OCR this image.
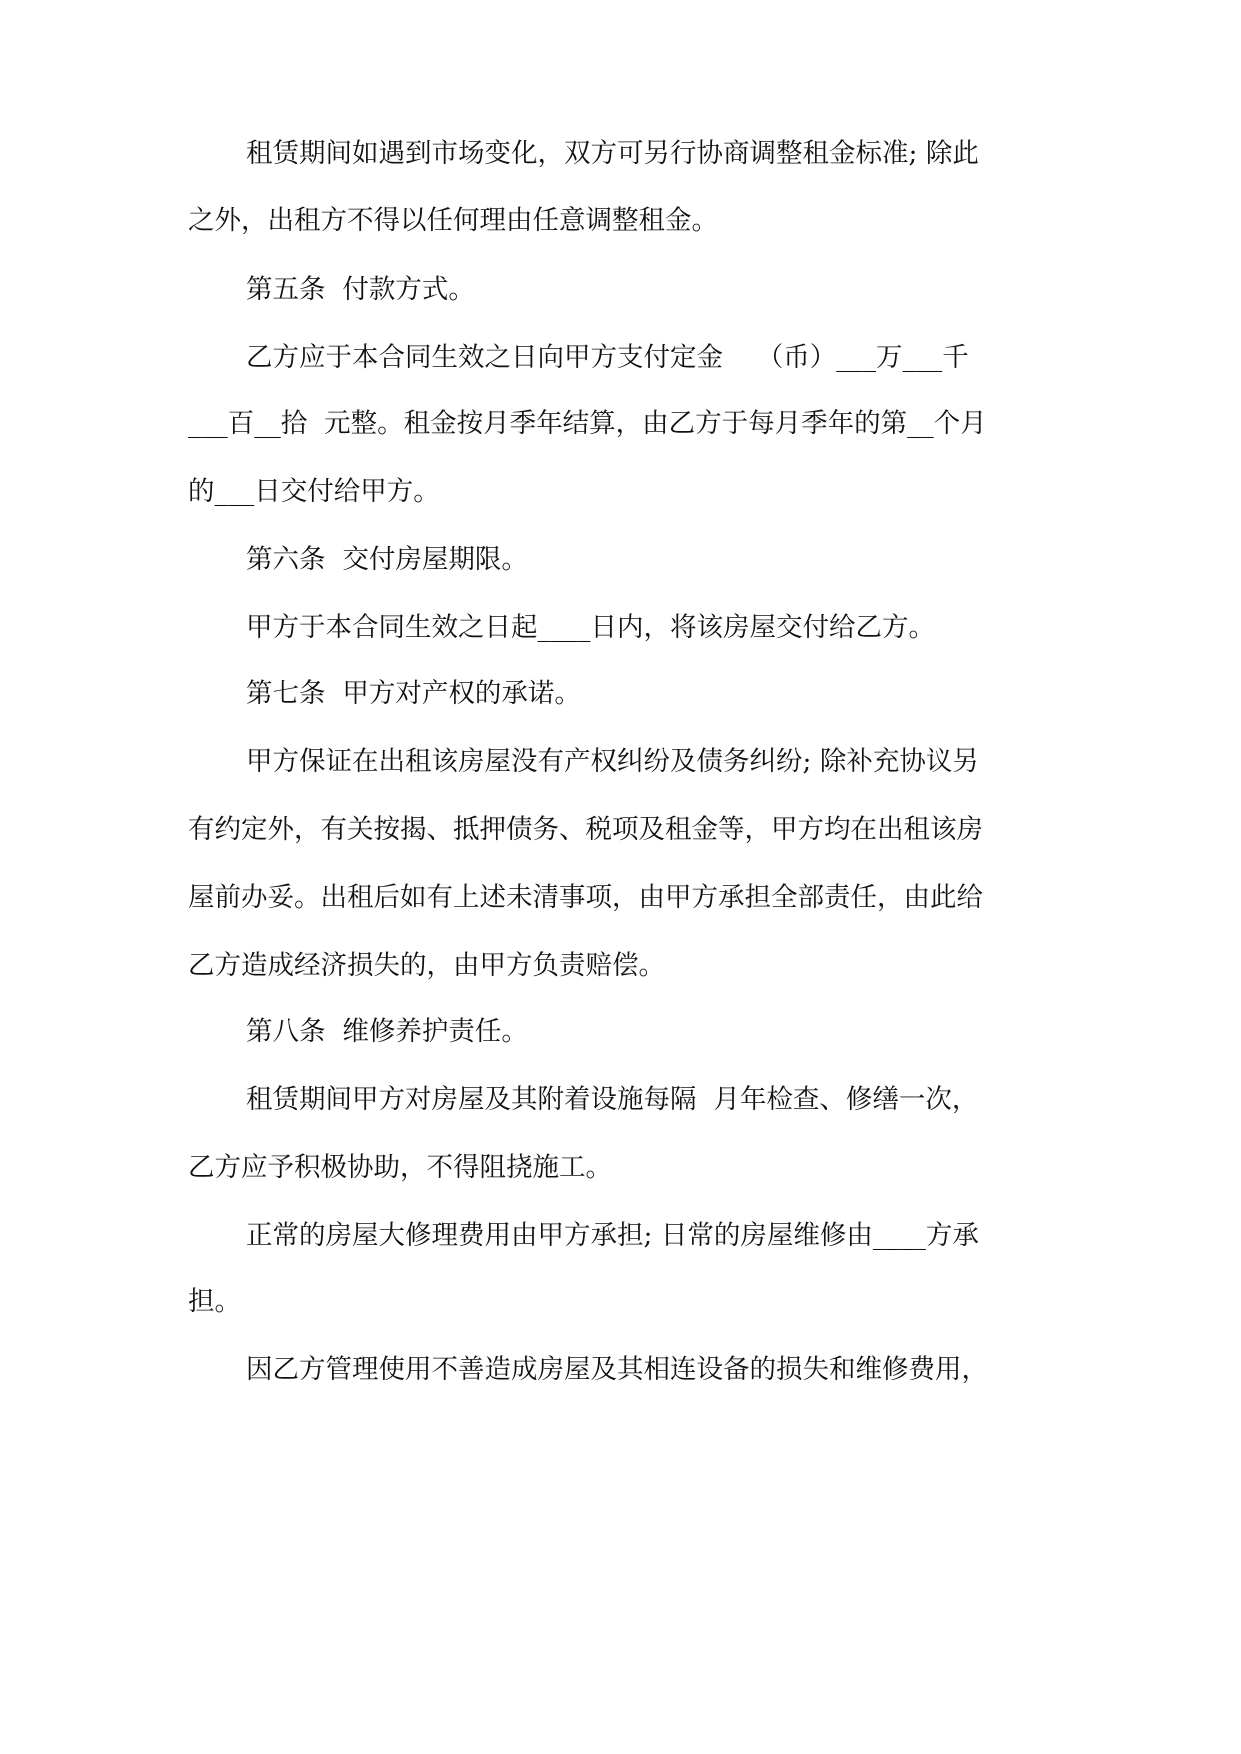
租赁期间如遇到市场变化，双方可另行协商调整租金标准; 除此
之外，出租方不得以任何理由任意调整租金。
第五条  付款方式。
乙方应于本合同生效之日向甲方支付定金    （币）___万___千
___百__拾  元整。租金按月季年结算，由乙方于每月季年的第__个月
的___日交付给甲方。
第六条  交付房屋期限。
甲方于本合同生效之日起____日内，将该房屋交付给乙方。
第七条  甲方对产权的承诺。
甲方保证在出租该房屋没有产权纠纷及债务纠纷; 除补充协议另
有约定外，有关按揭、抵押债务、税项及租金等，甲方均在出租该房
屋前办妥。出租后如有上述未清事项，由甲方承担全部责任，由此给
乙方造成经济损失的，由甲方负责赔偿。
第八条  维修养护责任。
租赁期间甲方对房屋及其附着设施每隔  月年检查、修缮一次，
乙方应予积极协助，不得阻挠施工。
正常的房屋大修理费用由甲方承担; 日常的房屋维修由____方承
担。
因乙方管理使用不善造成房屋及其相连设备的损失和维修费用，
